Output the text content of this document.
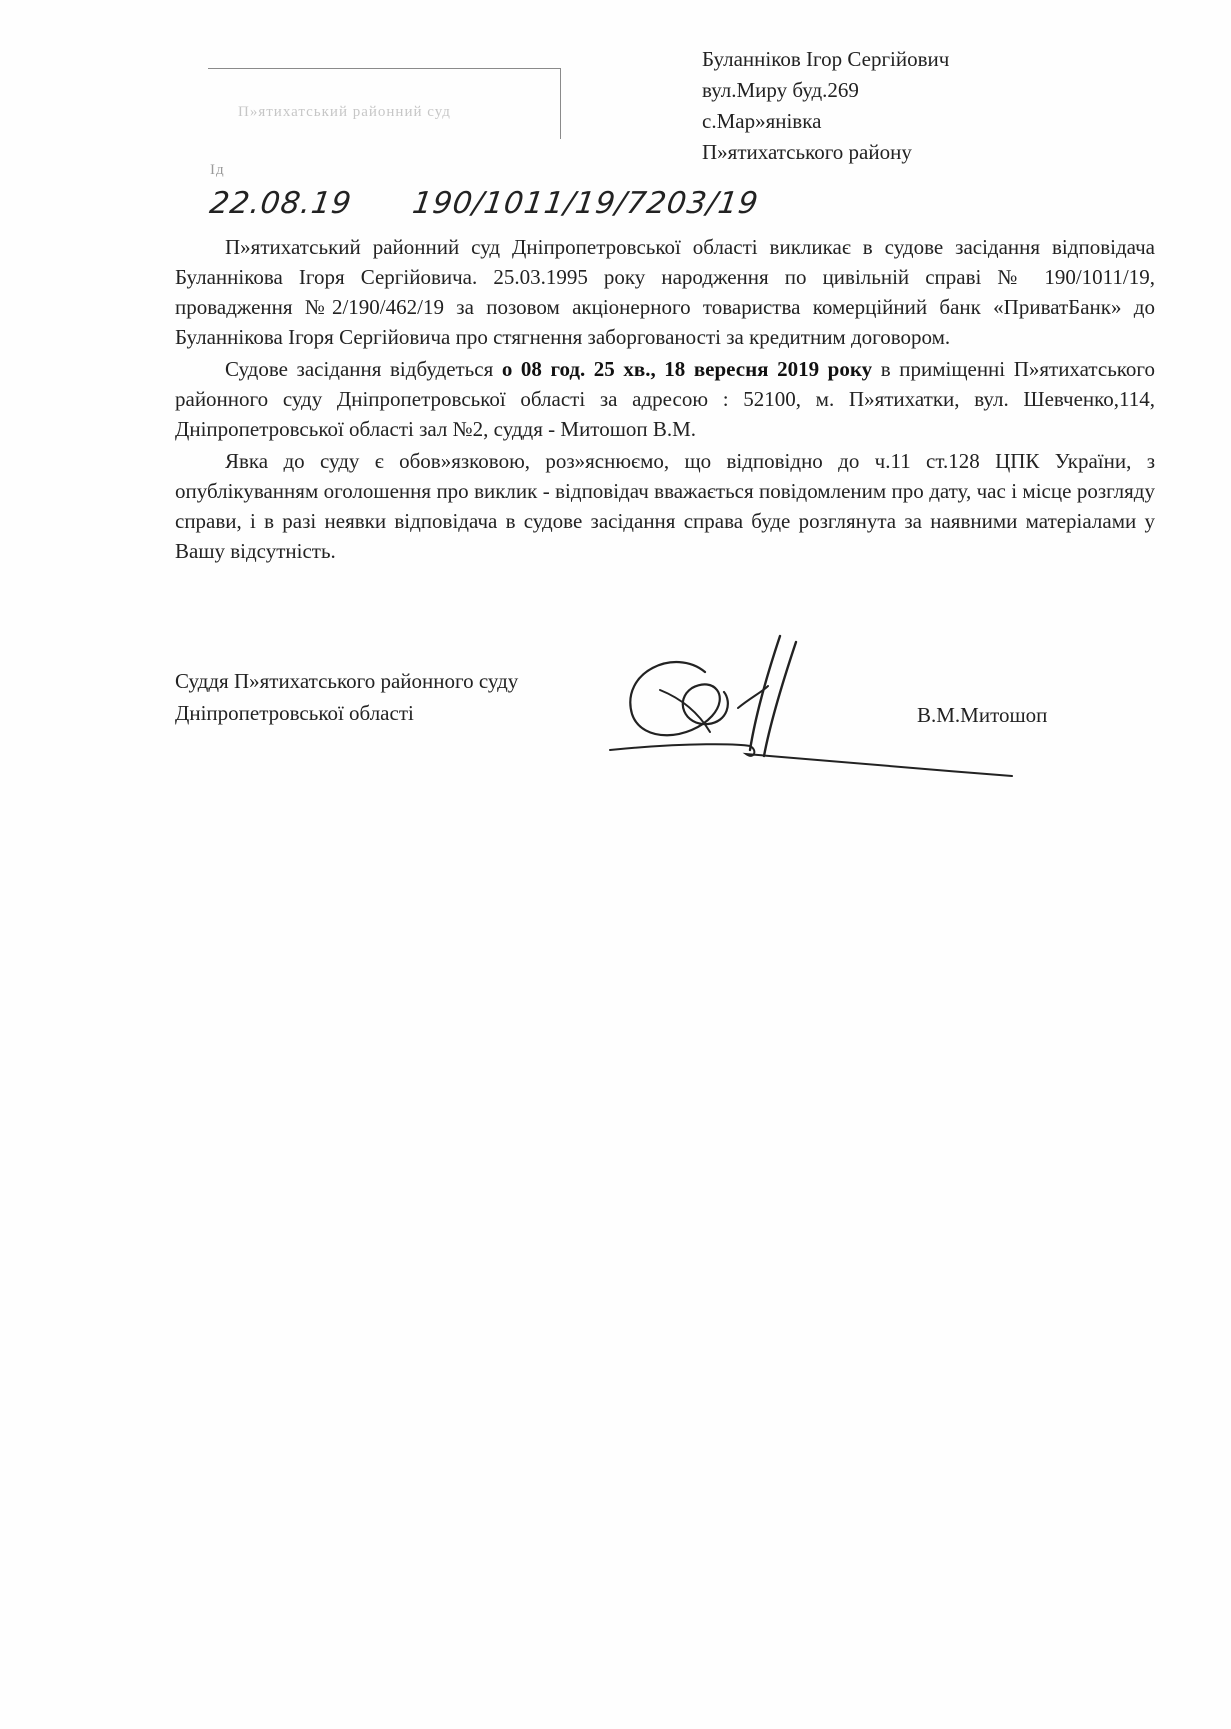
Буланніков Ігор Сергійович
вул.Миру буд.269
с.Мар»янівка
П»ятихатського району
П»ятихатський районний суд
Ід
22.08.19 190/1011/19/7203/19

П»ятихатський районний суд Дніпропетровської області викликає в судове засідання відповідача Буланнікова Ігоря Сергійовича. 25.03.1995 року народження по цивільній справі № 190/1011/19, провадження №2/190/462/19 за позовом акціонерного товариства комерційний банк «ПриватБанк» до Буланнікова Ігоря Сергійовича про стягнення заборгованості за кредитним договором.

Судове засідання відбудеться о 08 год. 25 хв., 18 вересня 2019 року в приміщенні П»ятихатського районного суду Дніпропетровської області за адресою : 52100, м. П»ятихатки, вул. Шевченко,114, Дніпропетровської області зал №2, суддя - Митошоп В.М.

Явка до суду є обов»язковою, роз»яснюємо, що відповідно до ч.11 ст.128 ЦПК України, з опублікуванням оголошення про виклик - відповідач вважається повідомленим про дату, час і місце розгляду справи, і в разі неявки відповідача в судове засідання справа буде розглянута за наявними матеріалами у Вашу відсутність.

Суддя П»ятихатського районного суду
Дніпропетровської області	В.М.Митошоп
